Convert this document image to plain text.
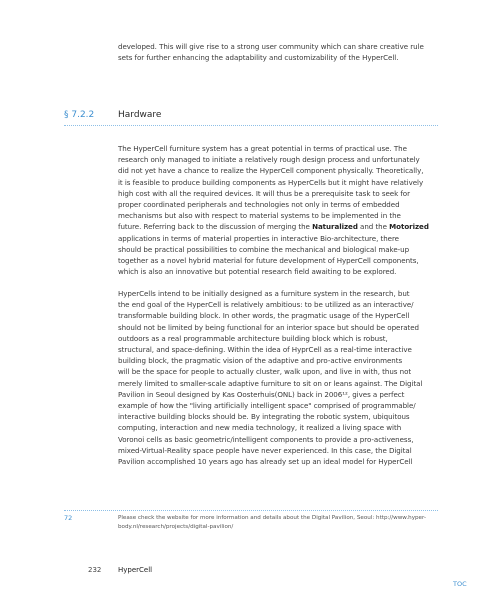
developed. This will give rise to a strong user community which can share creative rule
sets for further enhancing the adaptability and customizability of the HyperCell.
§ 7.2.2	Hardware
The HyperCell furniture system has a great potential in terms of practical use. The
research only managed to initiate a relatively rough design process and unfortunately
did not yet have a chance to realize the HyperCell component physically. Theoretically,
it is feasible to produce building components as HyperCells but it might have relatively
high cost with all the required devices. It will thus be a prerequisite task to seek for
proper coordinated peripherals and technologies not only in terms of embedded
mechanisms but also with respect to material systems to be implemented in the
future. Referring back to the discussion of merging the Naturalized and the Motorized
applications in terms of material properties in interactive Bio-architecture, there
should be practical possibilities to combine the mechanical and biological make-up
together as a novel hybrid material for future development of HyperCell components,
which is also an innovative but potential research field awaiting to be explored.
HyperCells intend to be initially designed as a furniture system in the research, but
the end goal of the HyperCell is relatively ambitious: to be utilized as an interactive/
transformable building block. In other words, the pragmatic usage of the HyperCell
should not be limited by being functional for an interior space but should be operated
outdoors as a real programmable architecture building block which is robust,
structural, and space-defining. Within the idea of HyprCell as a real-time interactive
building block, the pragmatic vision of the adaptive and pro-active environments
will be the space for people to actually cluster, walk upon, and live in with, thus not
merely limited to smaller-scale adaptive furniture to sit on or leans against. The Digital
Pavilion in Seoul designed by Kas Oosterhuis(ONL) back in 2006¹², gives a perfect
example of how the "living artificially intelligent space" comprised of programmable/
interactive building blocks should be. By integrating the robotic system, ubiquitous
computing, interaction and new media technology, it realized a living space with
Voronoi cells as basic geometric/intelligent components to provide a pro-activeness,
mixed-Virtual-Reality space people have never experienced. In this case, the Digital
Pavilion accomplished 10 years ago has already set up an ideal model for HyperCell
72	Please check the website for more information and details about the Digital Pavilion, Seoul: http://www.hyper-
body.nl/research/projects/digital-pavilion/
232 HyperCell
TOC
